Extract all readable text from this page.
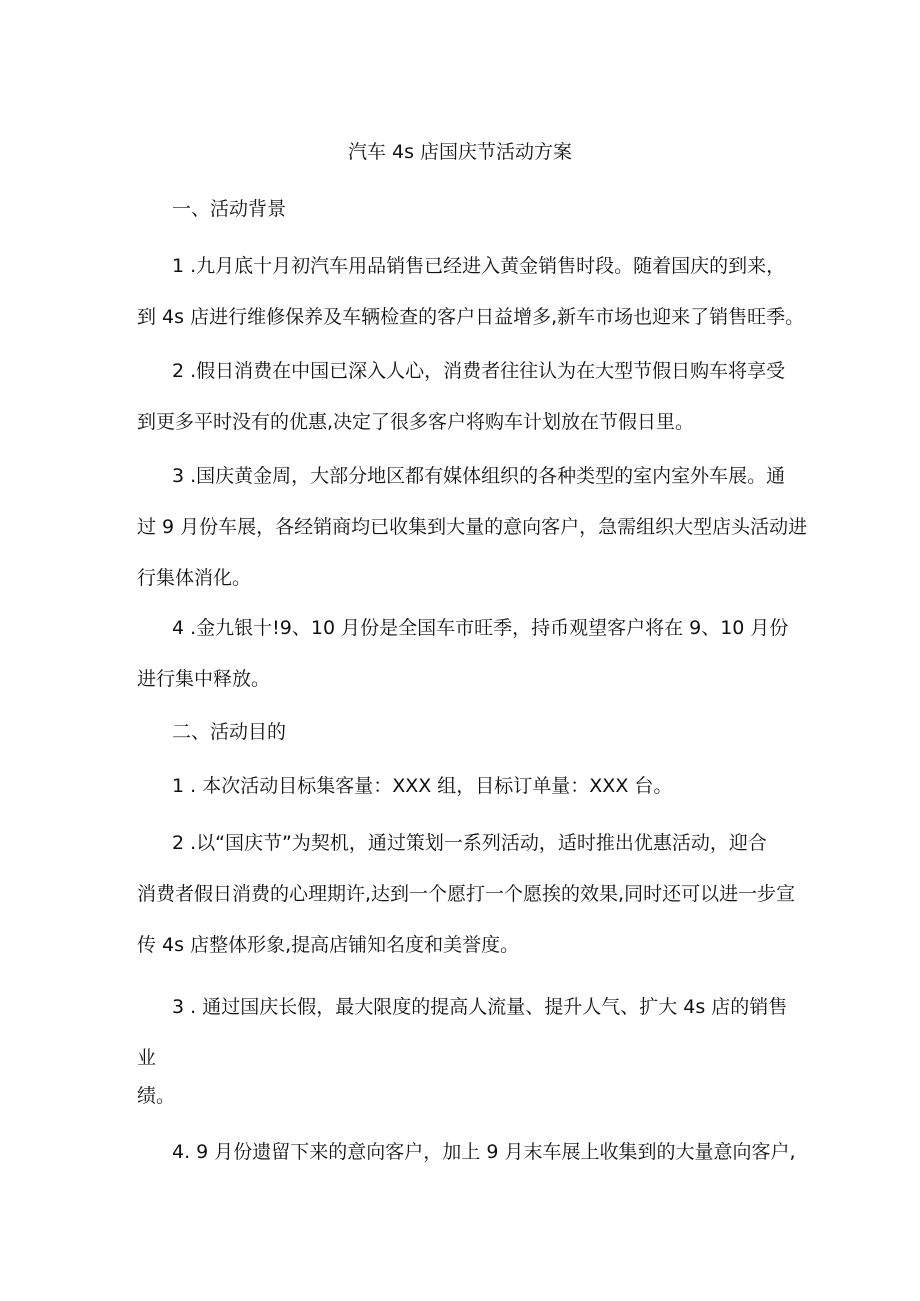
汽车 4s 店国庆节活动方案
一、活动背景
1 .九月底十月初汽车用品销售已经进入黄金销售时段。随着国庆的到来，
到 4s 店进行维修保养及车辆检查的客户日益增多,新车市场也迎来了销售旺季。
2 .假日消费在中国已深入人心，消费者往往认为在大型节假日购车将享受
到更多平时没有的优惠,决定了很多客户将购车计划放在节假日里。
3 .国庆黄金周，大部分地区都有媒体组织的各种类型的室内室外车展。通
过 9 月份车展，各经销商均已收集到大量的意向客户，急需组织大型店头活动进
行集体消化。
4 .金九银十!9、10 月份是全国车市旺季，持币观望客户将在 9、10 月份
进行集中释放。
二、活动目的
1 . 本次活动目标集客量：XXX 组，目标订单量：XXX 台。
2 .以“国庆节”为契机，通过策划一系列活动，适时推出优惠活动，迎合
消费者假日消费的心理期许,达到一个愿打一个愿挨的效果,同时还可以进一步宣
传 4s 店整体形象,提高店铺知名度和美誉度。
3 . 通过国庆长假，最大限度的提高人流量、提升人气、扩大 4s 店的销售
业
绩。
4. 9 月份遗留下来的意向客户，加上 9 月末车展上收集到的大量意向客户,
